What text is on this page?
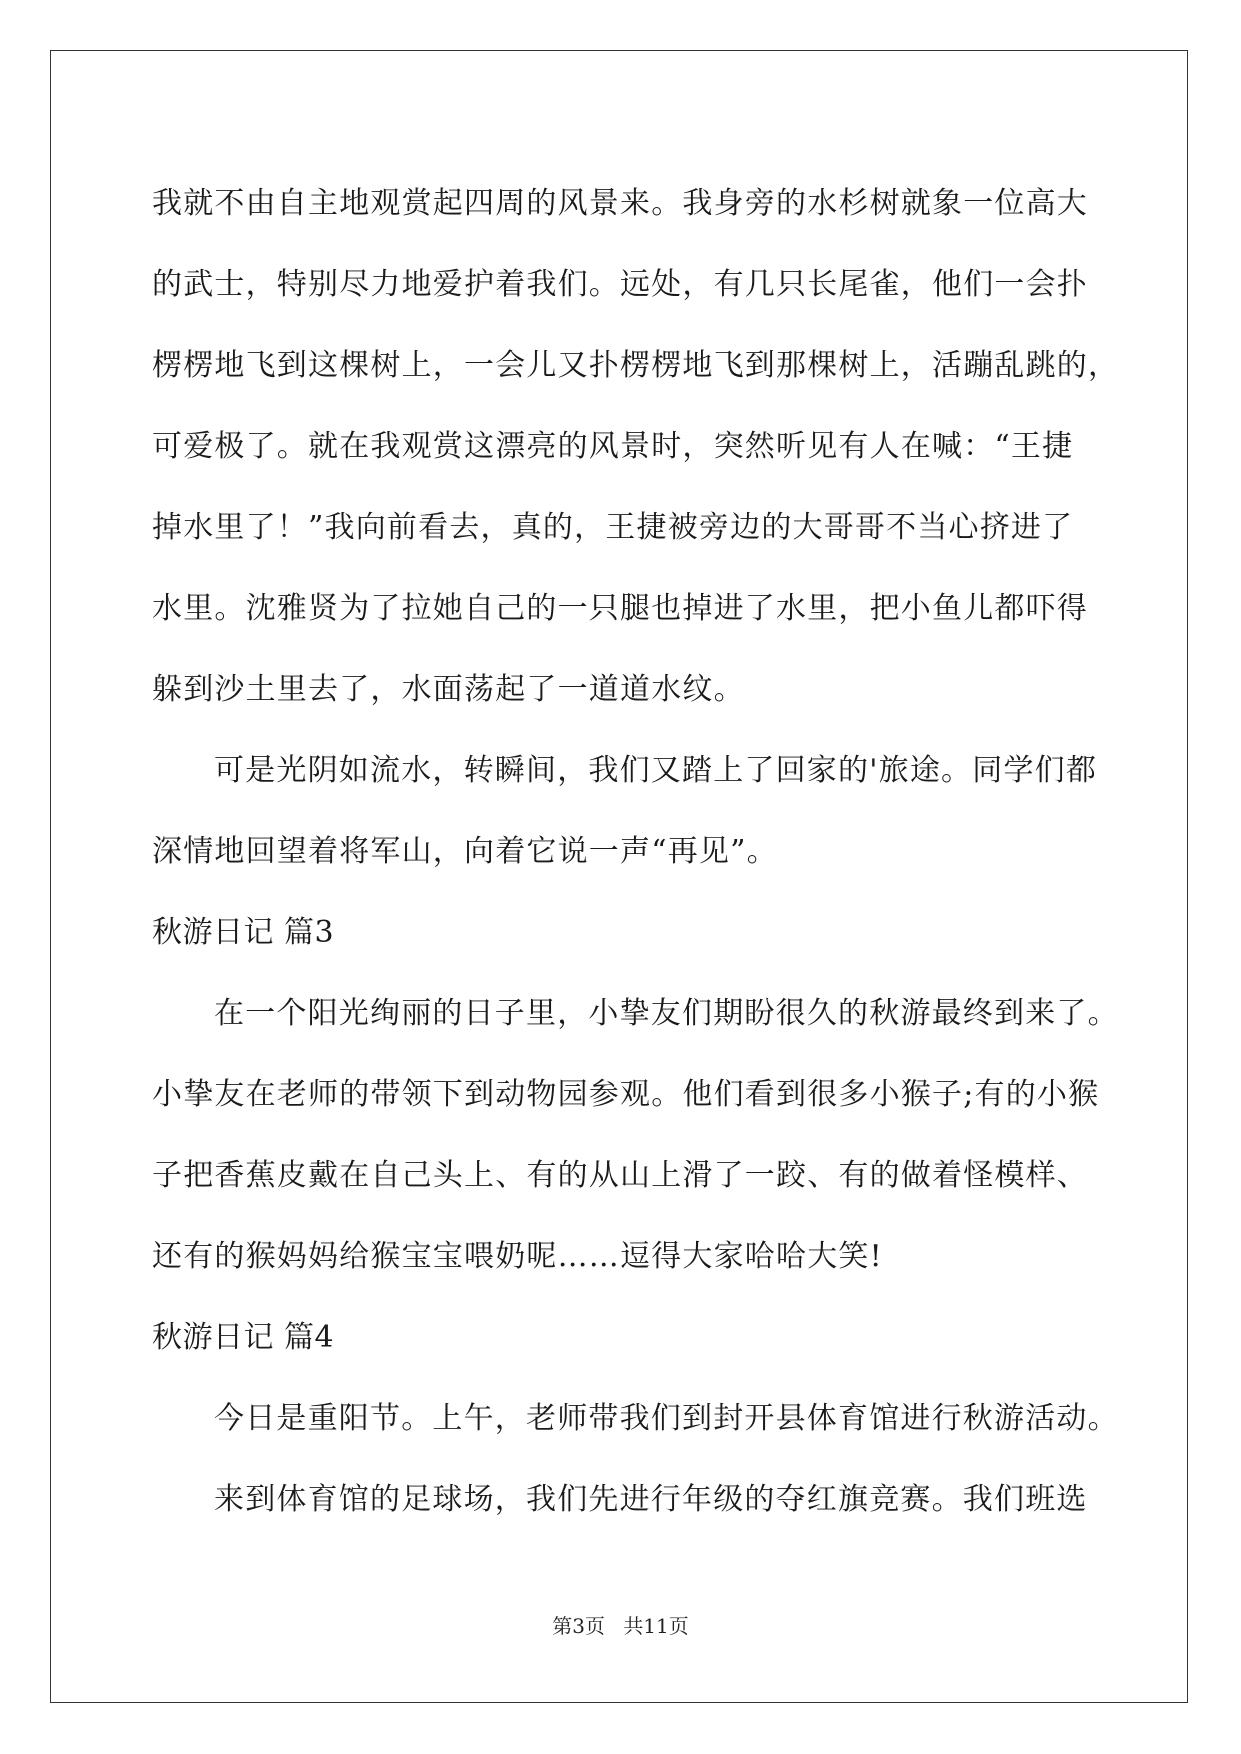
我就不由自主地观赏起四周的风景来。我身旁的水杉树就象一位高大
的武士，特别尽力地爱护着我们。远处，有几只长尾雀，他们一会扑
楞楞地飞到这棵树上，一会儿又扑楞楞地飞到那棵树上，活蹦乱跳的，
可爱极了。就在我观赏这漂亮的风景时，突然听见有人在喊：“王捷
掉水里了！”我向前看去，真的，王捷被旁边的大哥哥不当心挤进了
水里。沈雅贤为了拉她自己的一只腿也掉进了水里，把小鱼儿都吓得
躲到沙土里去了，水面荡起了一道道水纹。
可是光阴如流水，转瞬间，我们又踏上了回家的'旅途。同学们都
深情地回望着将军山，向着它说一声“再见”。
秋游日记 篇3
在一个阳光绚丽的日子里，小挚友们期盼很久的秋游最终到来了。
小挚友在老师的带领下到动物园参观。他们看到很多小猴子;有的小猴
子把香蕉皮戴在自己头上、有的从山上滑了一跤、有的做着怪模样、
还有的猴妈妈给猴宝宝喂奶呢……逗得大家哈哈大笑!
秋游日记 篇4
今日是重阳节。上午，老师带我们到封开县体育馆进行秋游活动。
来到体育馆的足球场，我们先进行年级的夺红旗竞赛。我们班选
第3页 共11页
